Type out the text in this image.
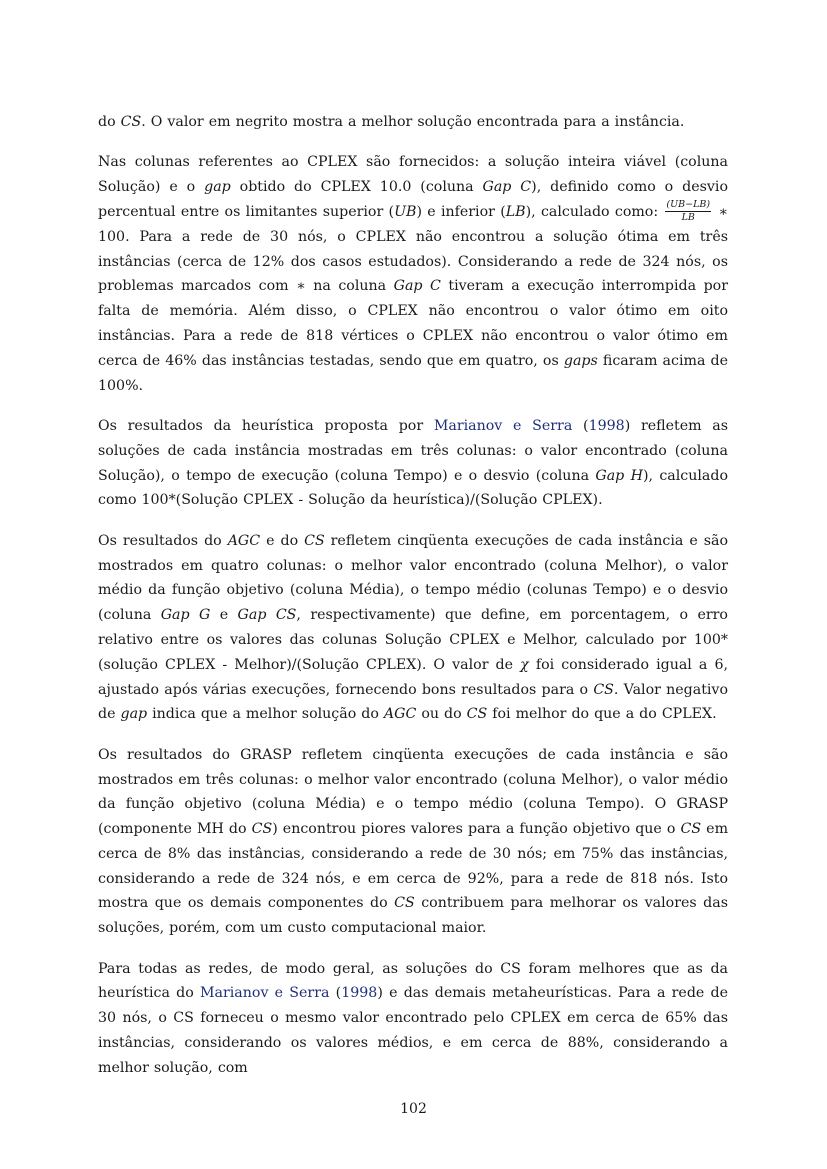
do CS. O valor em negrito mostra a melhor solução encontrada para a instância.

Nas colunas referentes ao CPLEX são fornecidos: a solução inteira viável (coluna Solução) e o gap obtido do CPLEX 10.0 (coluna Gap C), definido como o desvio percentual entre os limitantes superior (UB) e inferior (LB), calculado como: $\frac{(UB-LB)}{LB}$ ∗ 100. Para a rede de 30 nós, o CPLEX não encontrou a solução ótima em três instâncias (cerca de 12% dos casos estudados). Considerando a rede de 324 nós, os problemas marcados com ∗ na coluna Gap C tiveram a execução interrompida por falta de memória. Além disso, o CPLEX não encontrou o valor ótimo em oito instâncias. Para a rede de 818 vértices o CPLEX não encontrou o valor ótimo em cerca de 46% das instâncias testadas, sendo que em quatro, os gaps ficaram acima de 100%.

Os resultados da heurística proposta por Marianov e Serra (1998) refletem as soluções de cada instância mostradas em três colunas: o valor encontrado (coluna Solução), o tempo de execução (coluna Tempo) e o desvio (coluna Gap H), calculado como 100*(Solução CPLEX - Solução da heurística)/(Solução CPLEX).

Os resultados do AGC e do CS refletem cinqüenta execuções de cada instância e são mostrados em quatro colunas: o melhor valor encontrado (coluna Melhor), o valor médio da função objetivo (coluna Média), o tempo médio (colunas Tempo) e o desvio (coluna Gap G e Gap CS, respectivamente) que define, em porcentagem, o erro relativo entre os valores das colunas Solução CPLEX e Melhor, calculado por 100*(solução CPLEX - Melhor)/(Solução CPLEX). O valor de χ foi considerado igual a 6, ajustado após várias execuções, fornecendo bons resultados para o CS. Valor negativo de gap indica que a melhor solução do AGC ou do CS foi melhor do que a do CPLEX.

Os resultados do GRASP refletem cinqüenta execuções de cada instância e são mostrados em três colunas: o melhor valor encontrado (coluna Melhor), o valor médio da função objetivo (coluna Média) e o tempo médio (coluna Tempo). O GRASP (componente MH do CS) encontrou piores valores para a função objetivo que o CS em cerca de 8% das instâncias, considerando a rede de 30 nós; em 75% das instâncias, considerando a rede de 324 nós, e em cerca de 92%, para a rede de 818 nós. Isto mostra que os demais componentes do CS contribuem para melhorar os valores das soluções, porém, com um custo computacional maior.

Para todas as redes, de modo geral, as soluções do CS foram melhores que as da heurística do Marianov e Serra (1998) e das demais metaheurísticas. Para a rede de 30 nós, o CS forneceu o mesmo valor encontrado pelo CPLEX em cerca de 65% das instâncias, considerando os valores médios, e em cerca de 88%, considerando a melhor solução, com

102
